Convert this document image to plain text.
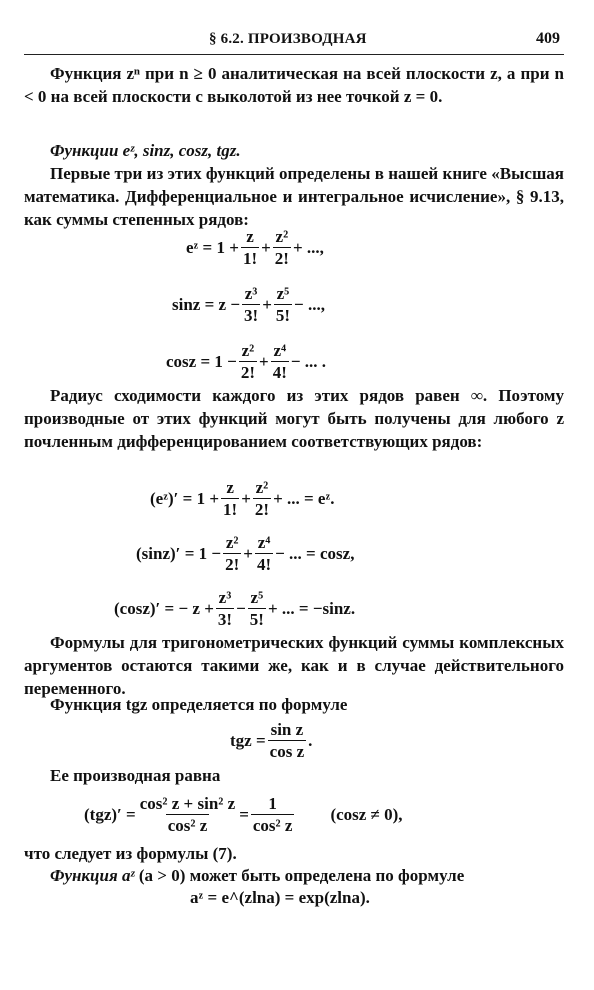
§ 6.2. ПРОИЗВОДНАЯ	409
Функция zⁿ при n ≥ 0 аналитическая на всей плоскости z, а при n < 0 на всей плоскости с выколотой из нее точкой z = 0.
Функции eᶻ, sinz, cosz, tgz.
Первые три из этих функций определены в нашей книге «Высшая математика. Дифференциальное и интегральное исчисление», § 9.13, как суммы степенных рядов:
eᶻ = $1 + \frac{z}{1!} + \frac{\text{z²}}{2!}$ + ...,
$\sin z = z - \frac{\text{z³}}{3!} + \frac{\text{z⁵}}{5!}$ − ...,
$\cos z = 1 - \frac{\text{z²}}{2!} + \frac{\text{z⁴}}{4!}$ − ... .
Радиус сходимости каждого из этих рядов равен ∞. Поэтому производные от этих функций могут быть получены для любого z почленным дифференцированием соответствующих рядов:
(eᶻ)′ = $1 + \frac{z}{1!} + \frac{\text{z²}}{2!}$ + ... = eᶻ.
$(\sin z)' = 1 - \frac{\text{z²}}{2!} + \frac{\text{z⁴}}{4!}$ − ... = cosz,
(cosz)′ = − $z + \frac{\text{z³}}{3!} - \frac{\text{z⁵}}{5!}$ + ... = −sinz.
Формулы для тригонометрических функций суммы комплексных аргументов остаются такими же, как и в случае действительного переменного.
Функция tgz определяется по формуле
tgz = $\frac{\text{sin z}}{\text{cos z}}$ .
Ее производная равна
$(tgz)' = \frac{\text{cos² z + sin² z}}{\text{cos² z}} = \frac{1}{\text{cos² z}} (\cos z \ne 0)$,
что следует из формулы (7).
Функция aᶻ (a > 0) может быть определена по формуле
aᶻ = e^(zlna) = exp(zlna).
